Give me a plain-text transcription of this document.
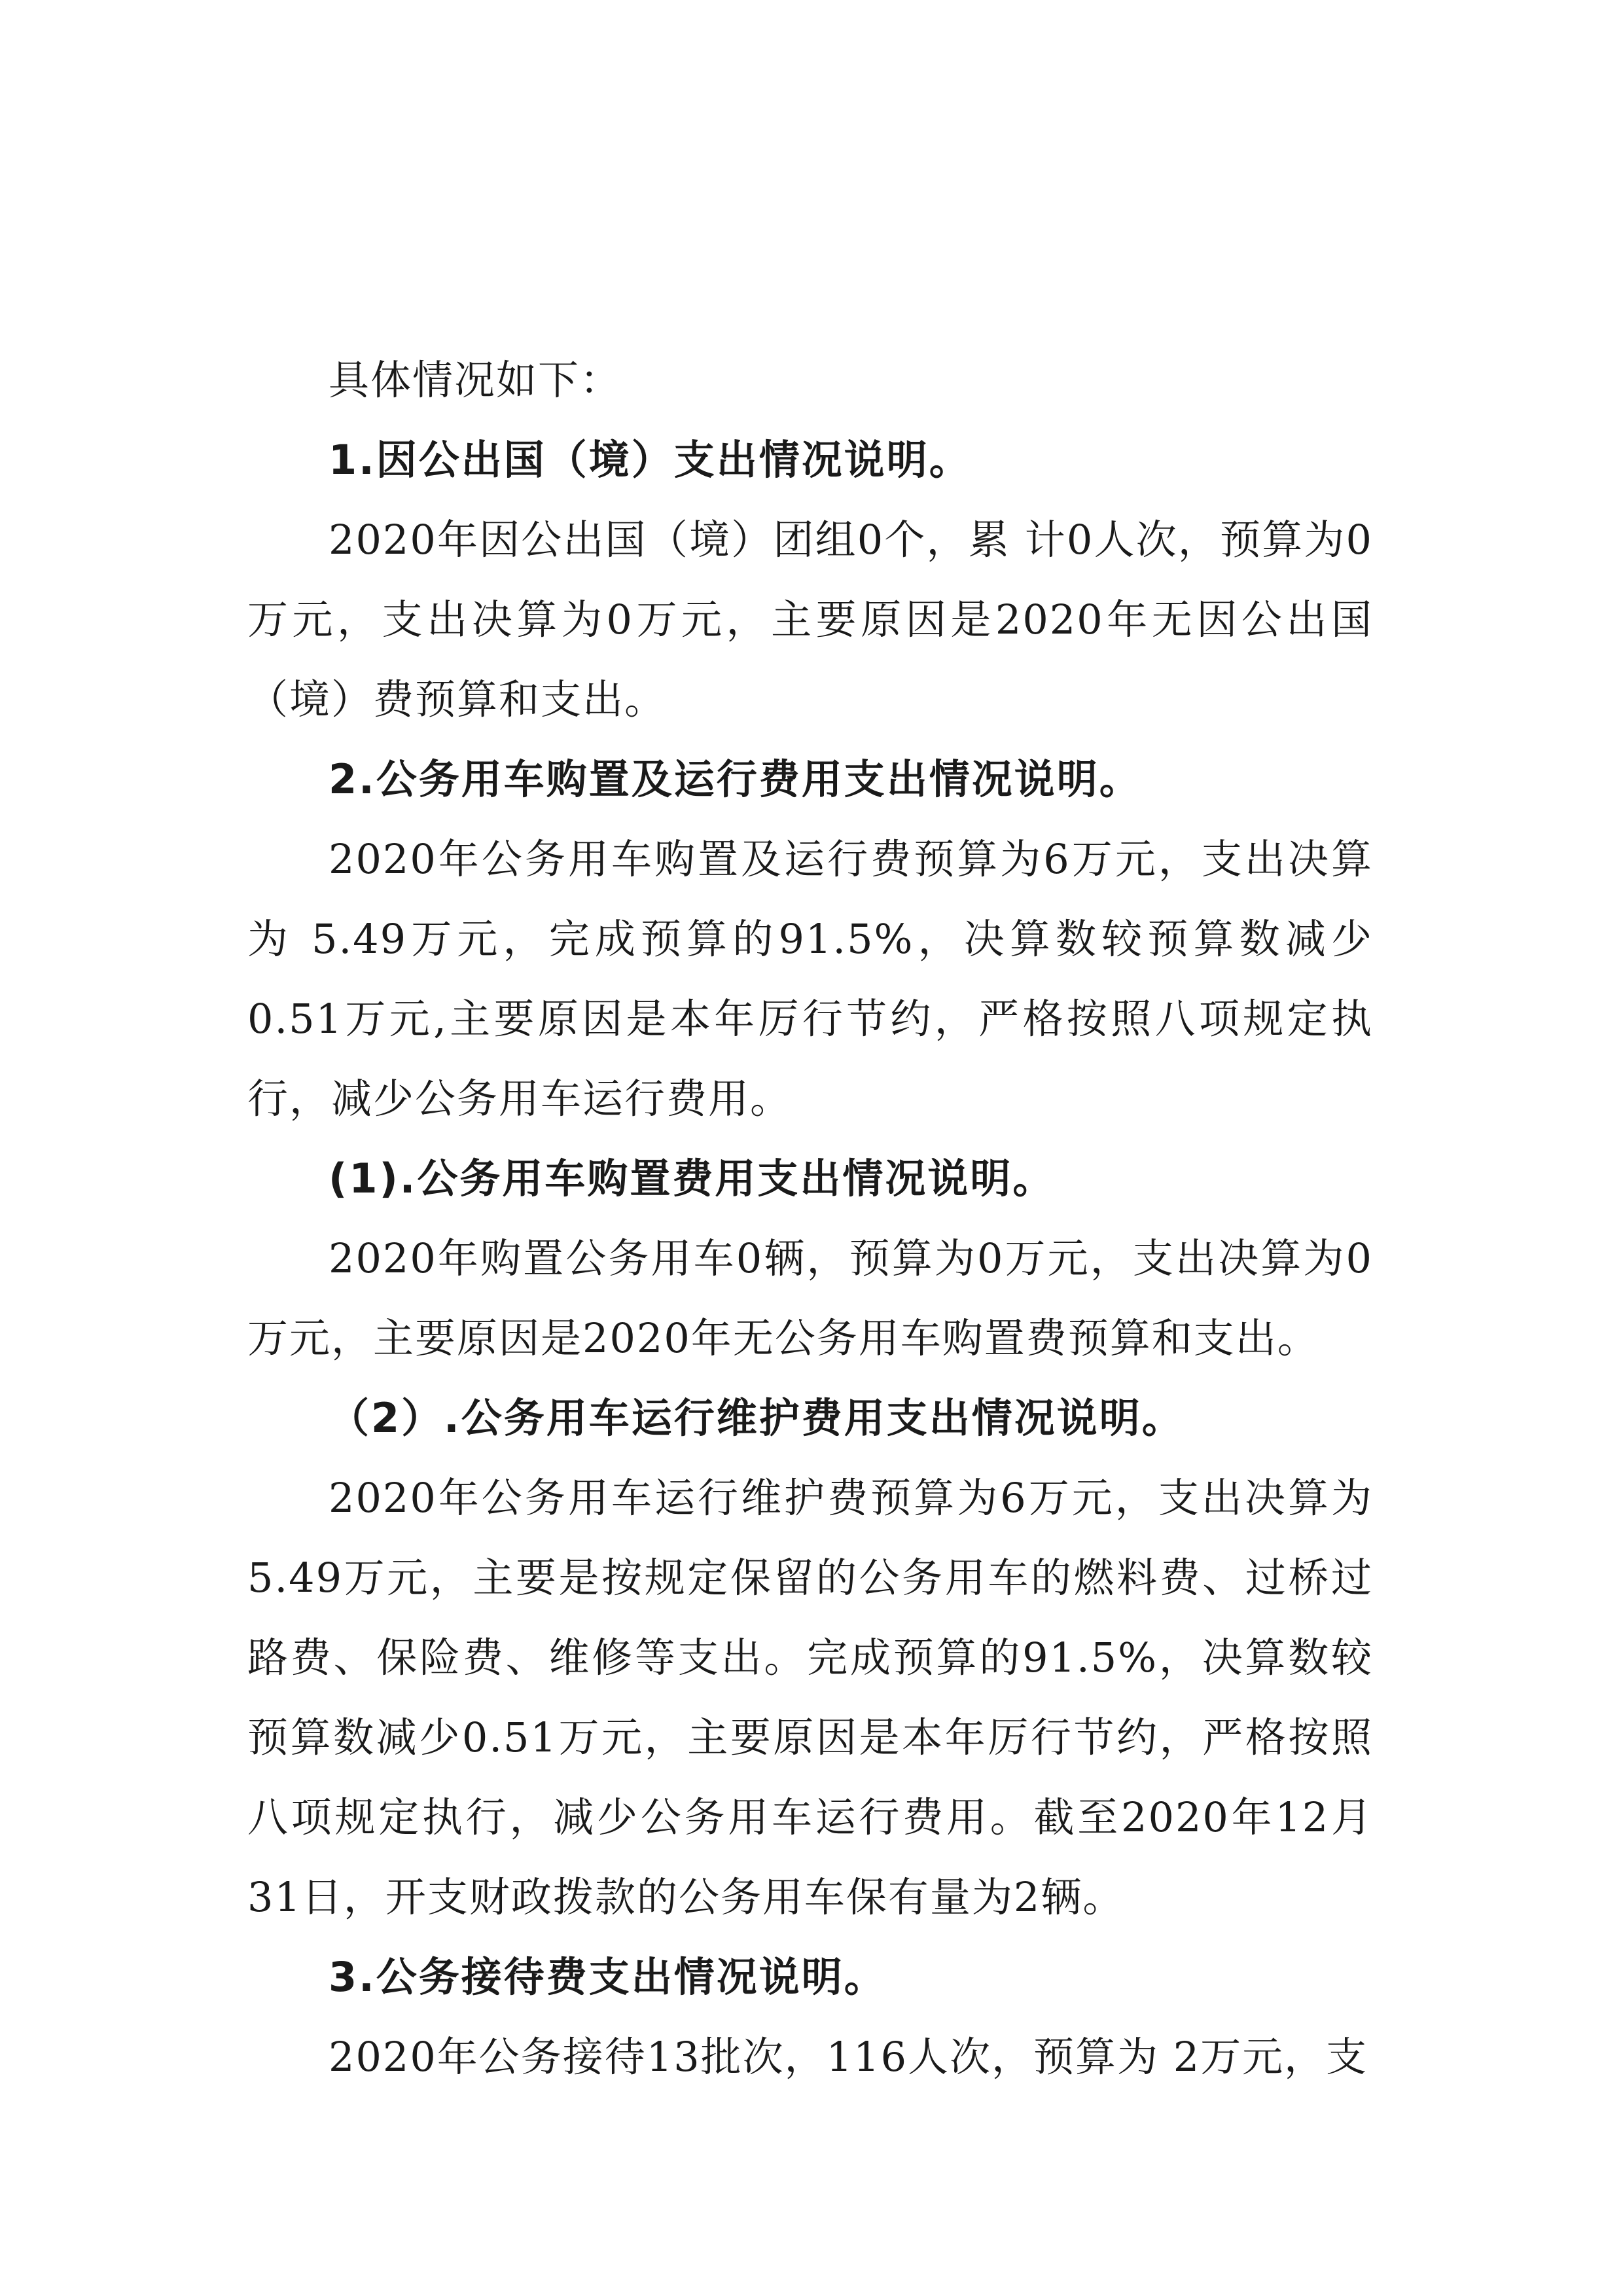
具体情况如下：

1.因公出国（境）支出情况说明。

2020年因公出国（境）团组0个，累 计0人次，预算为0万元，支出决算为0万元，主要原因是2020年无因公出国（境）费预算和支出。

2.公务用车购置及运行费用支出情况说明。

2020年公务用车购置及运行费预算为6万元，支出决算为 5.49万元，完成预算的91.5%，决算数较预算数减少0.51万元,主要原因是本年厉行节约，严格按照八项规定执行，减少公务用车运行费用。

(1).公务用车购置费用支出情况说明。

2020年购置公务用车0辆，预算为0万元，支出决算为0万元，主要原因是2020年无公务用车购置费预算和支出。

（2）.公务用车运行维护费用支出情况说明。

2020年公务用车运行维护费预算为6万元，支出决算为5.49万元，主要是按规定保留的公务用车的燃料费、过桥过路费、保险费、维修等支出。完成预算的91.5%，决算数较预算数减少0.51万元，主要原因是本年厉行节约，严格按照八项规定执行，减少公务用车运行费用。截至2020年12月31日，开支财政拨款的公务用车保有量为2辆。

3.公务接待费支出情况说明。

2020年公务接待13批次，116人次，预算为 2万元，支
